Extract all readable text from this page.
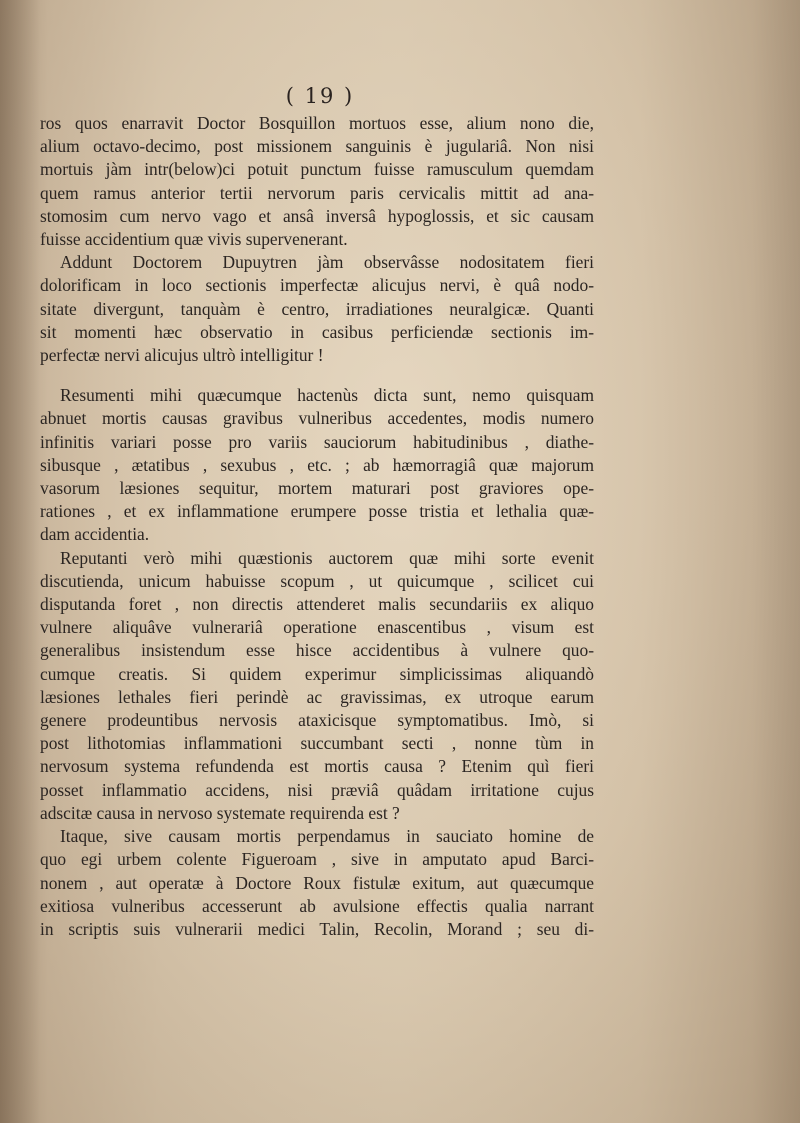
( 19 )
ros quos enarravit Doctor Bosquillon mortuos esse, alium nono die,
alium octavo-decimo, post missionem sanguinis è jugulariâ. Non nisi
mortuis jàm intr(below)ci potuit punctum fuisse ramusculum quemdam
quem ramus anterior tertii nervorum paris cervicalis mittit ad ana-
stomosim cum nervo vago et ansâ inversâ hypoglossis, et sic causam
fuisse accidentium quæ vivis supervenerant.
Addunt Doctorem Dupuytren jàm observâsse nodositatem fieri
dolorificam in loco sectionis imperfectæ alicujus nervi, è quâ nodo-
sitate divergunt, tanquàm è centro, irradiationes neuralgicæ. Quanti
sit momenti hæc observatio in casibus perficiendæ sectionis im-
perfectæ nervi alicujus ultrò intelligitur !
Resumenti mihi quæcumque hactenùs dicta sunt, nemo quisquam
abnuet mortis causas gravibus vulneribus accedentes, modis numero
infinitis variari posse pro variis sauciorum habitudinibus , diathe-
sibusque , ætatibus , sexubus , etc. ; ab hæmorragiâ quæ majorum
vasorum læsiones sequitur, mortem maturari post graviores ope-
rationes , et ex inflammatione erumpere posse tristia et lethalia quæ-
dam accidentia.
Reputanti verò mihi quæstionis auctorem quæ mihi sorte evenit
discutienda, unicum habuisse scopum , ut quicumque , scilicet cui
disputanda foret , non directis attenderet malis secundariis ex aliquo
vulnere aliquâve vulnerariâ operatione enascentibus , visum est
generalibus insistendum esse hisce accidentibus à vulnere quo-
cumque creatis. Si quidem experimur simplicissimas aliquandò
læsiones lethales fieri perindè ac gravissimas, ex utroque earum
genere prodeuntibus nervosis ataxicisque symptomatibus. Imò, si
post lithotomias inflammationi succumbant secti , nonne tùm in
nervosum systema refundenda est mortis causa ? Etenim quì fieri
posset inflammatio accidens, nisi præviâ quâdam irritatione cujus
adscitæ causa in nervoso systemate requirenda est ?
Itaque, sive causam mortis perpendamus in sauciato homine de
quo egi urbem colente Figueroam , sive in amputato apud Barci-
nonem , aut operatæ à Doctore Roux fistulæ exitum, aut quæcumque
exitiosa vulneribus accesserunt ab avulsione effectis qualia narrant
in scriptis suis vulnerarii medici Talin, Recolin, Morand ; seu di-
